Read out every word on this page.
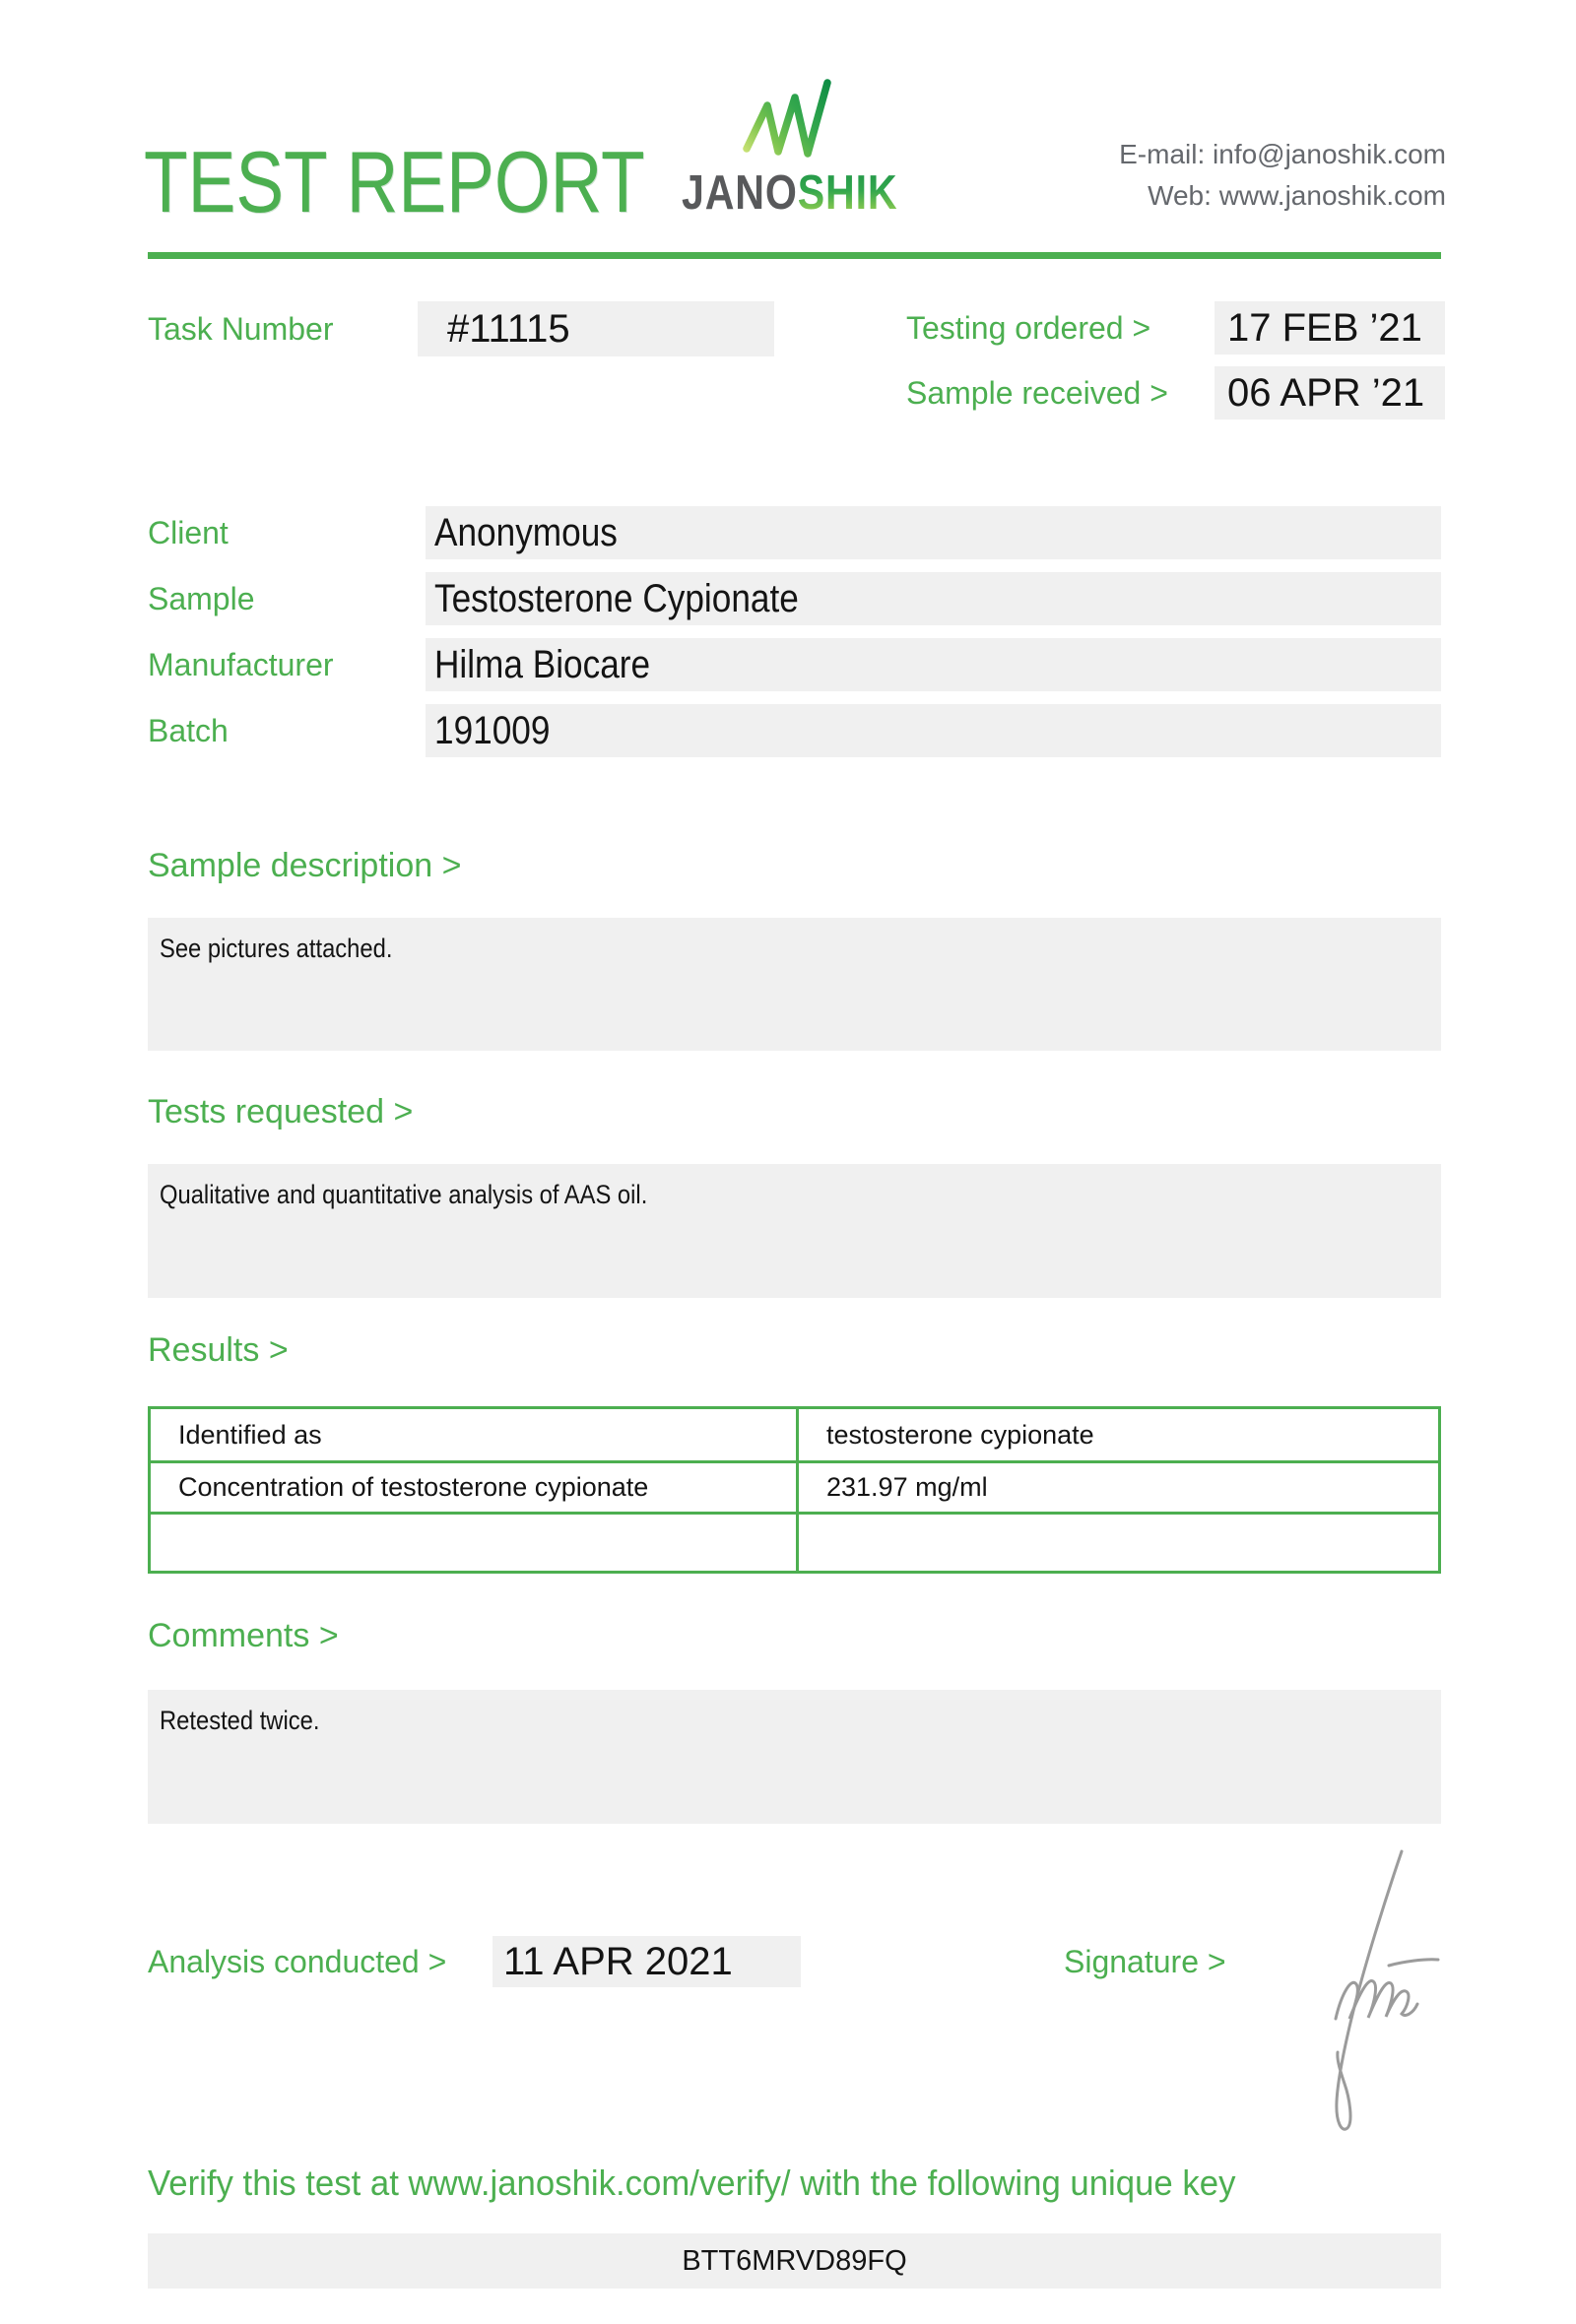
TEST REPORT JANOSHIK
E-mail: info@janoshik.com
Web: www.janoshik.com
Task Number	#11115	Testing ordered >	17 FEB ’21
Sample received >	06 APR ’21
Client	Anonymous
Sample	Testosterone Cypionate
Manufacturer	Hilma Biocare
Batch	191009
Sample description >
See pictures attached.
Tests requested >
Qualitative and quantitative analysis of AAS oil.
Results >
Identified as	testosterone cypionate
Concentration of testosterone cypionate	231.97 mg/ml
Comments >
Retested twice.
Analysis conducted > 11 APR 2021	Signature >
Verify this test at www.janoshik.com/verify/ with the following unique key
BTT6MRVD89FQ
